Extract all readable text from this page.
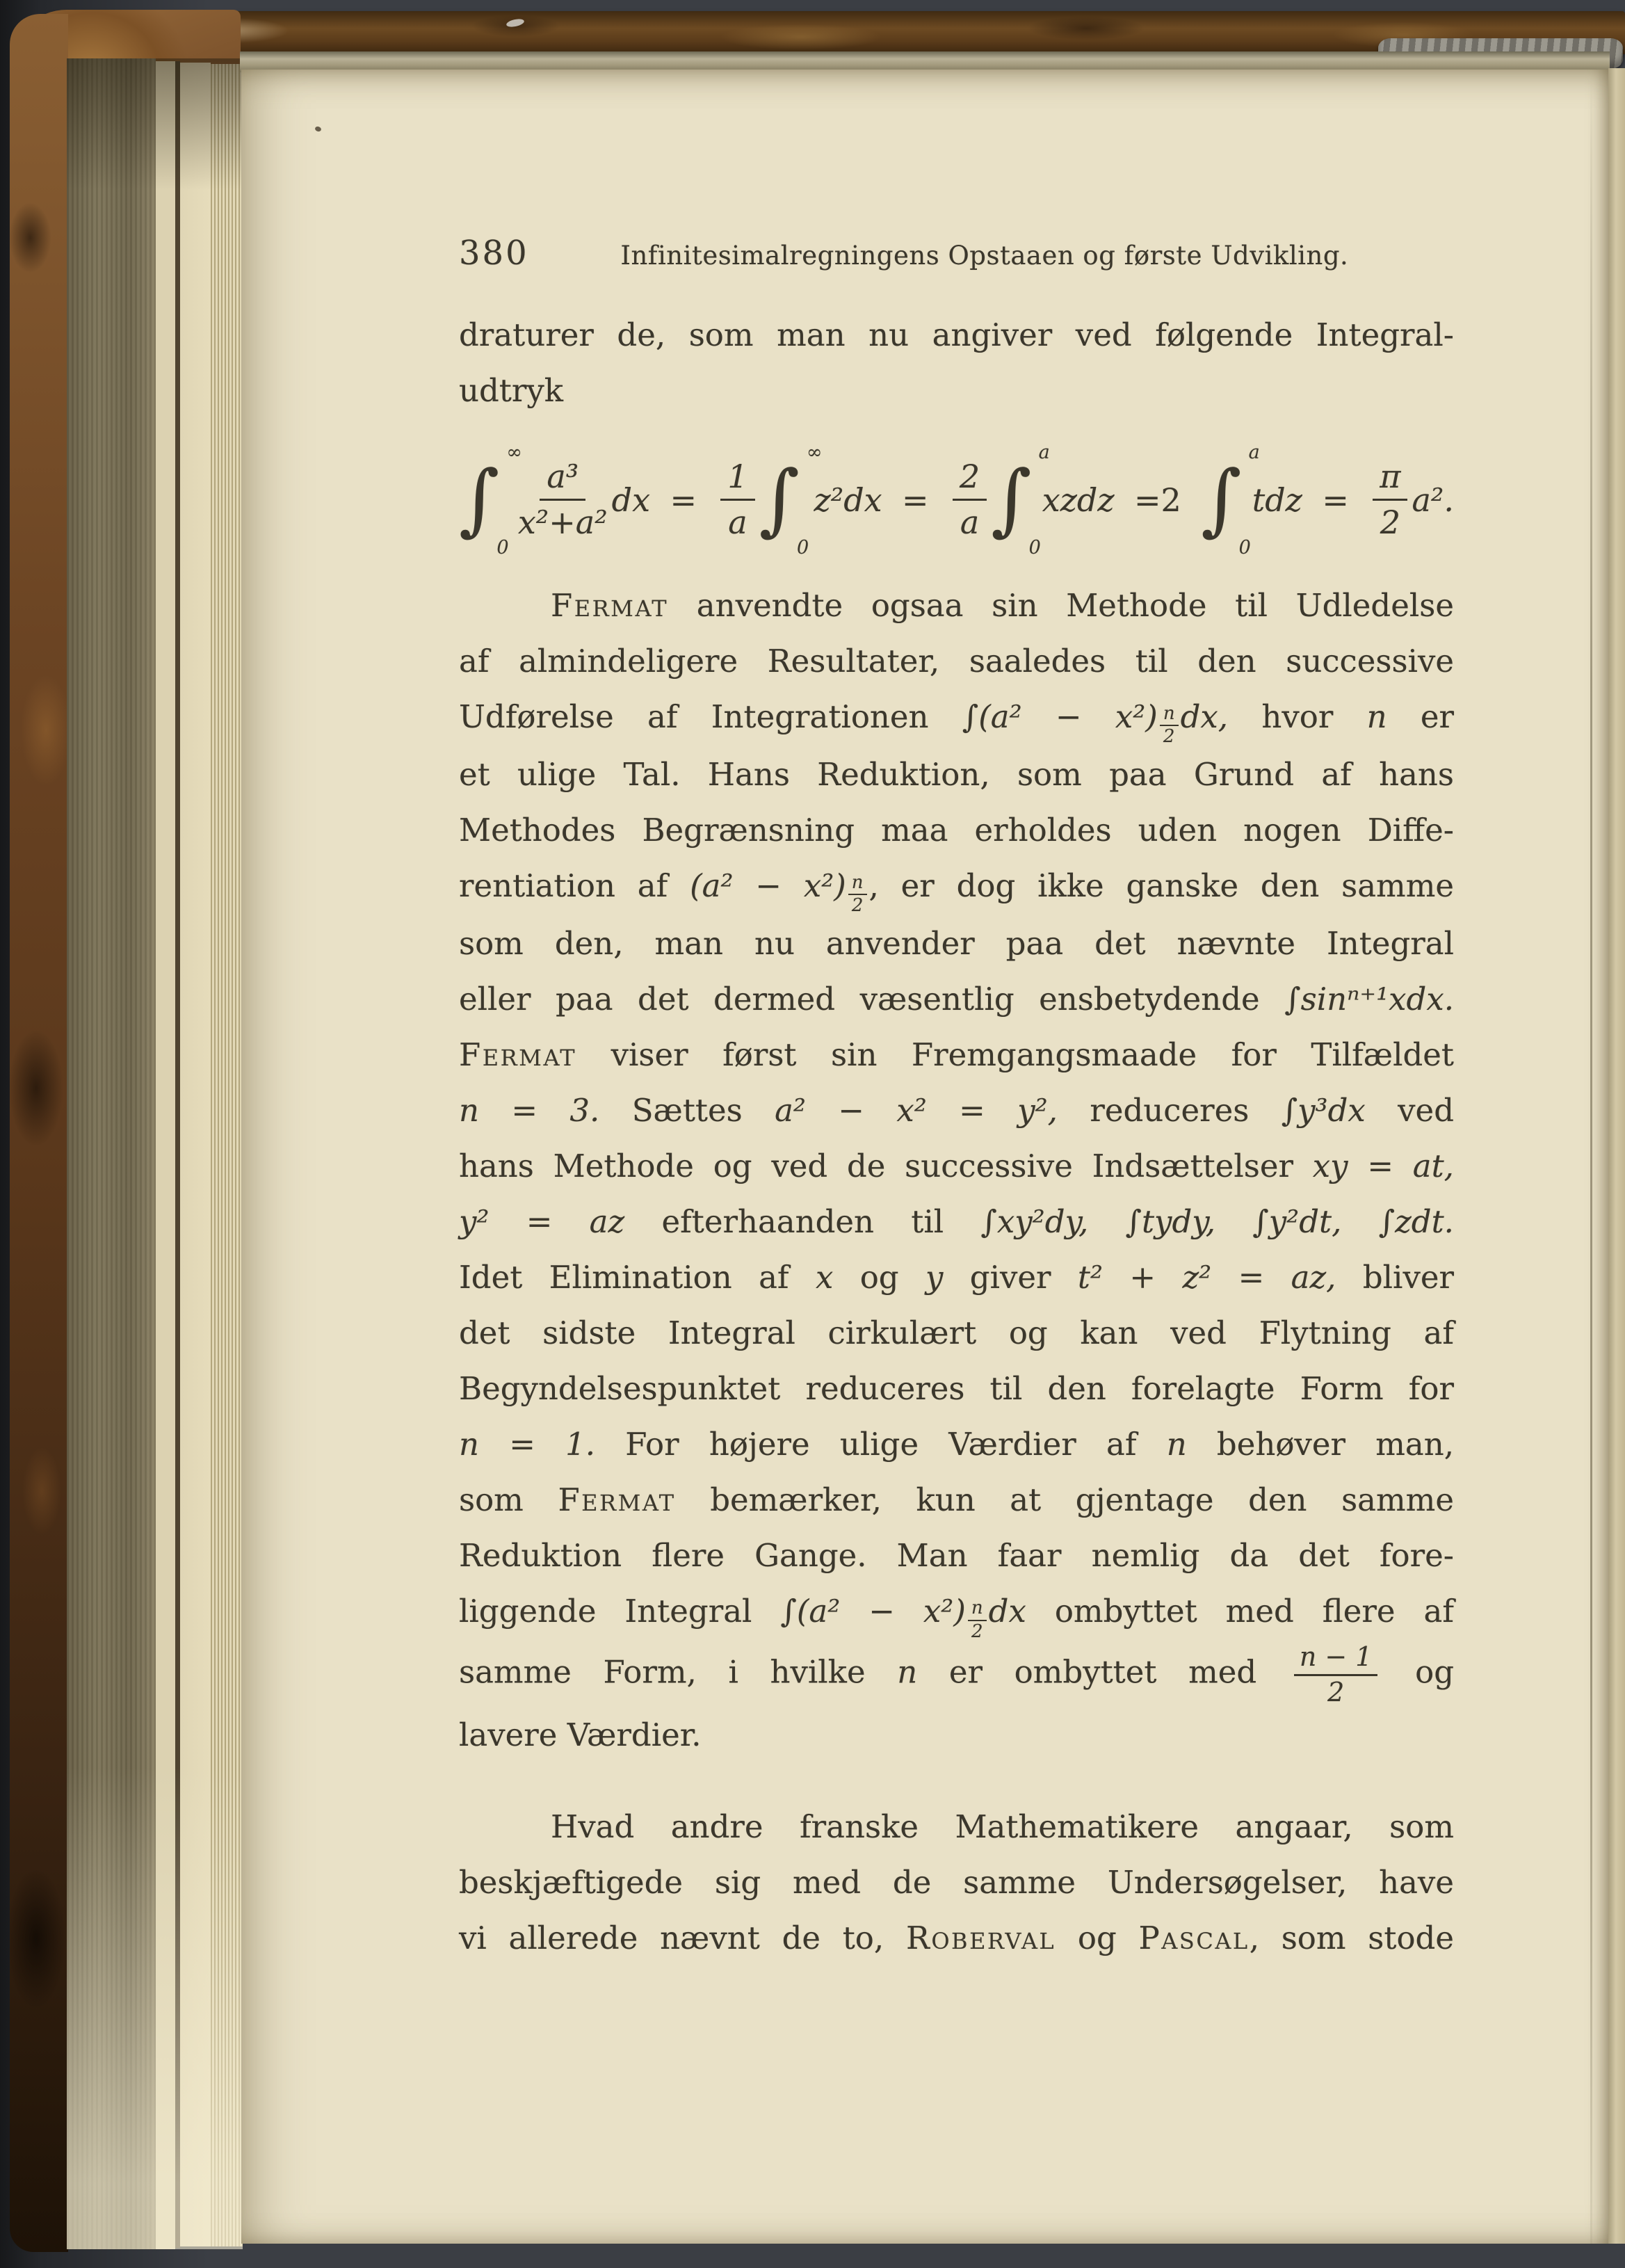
380	Infinitesimalregningens Opstaaen og første Udvikling.
draturer de, som man nu angiver ved følgende Integral-
udtryk
∫
∞
0
$\frac{\text{a³}}{\text{x²+a²}}$ dx = $\frac{1}{a}$ ∫
∞
0
$z^2dx = \frac{2}{a}$ ∫
a
0
xzdz =2 ∫
a
0
tdz = $\frac{\pi}{2} a^2$.
Fermat anvendte ogsaa sin Methode til Udledelse
af almindeligere Resultater, saaledes til den successive
Udførelse af Integrationen $\int(a^2 - x^2) \frac{n}{2}$ dx, hvor n er
et ulige Tal. Hans Reduktion, som paa Grund af hans
Methodes Begrænsning maa erholdes uden nogen Diffe-
rentiation af $(a^2 - x^2) \frac{n}{2}$ , er dog ikke ganske den samme
som den, man nu anvender paa det nævnte Integral
eller paa det dermed væsentlig ensbetydende ∫sinⁿ⁺¹xdx.
Fermat viser først sin Fremgangsmaade for Tilfældet
n = 3. Sættes a² − x² = y², reduceres ∫y³dx ved
hans Methode og ved de successive Indsættelser xy = at,
y² = az efterhaanden til ∫xy²dy, ∫tydy, ∫y²dt, ∫zdt.
Idet Elimination af x og y giver t² + z² = az, bliver
det sidste Integral cirkulært og kan ved Flytning af
Begyndelsespunktet reduceres til den forelagte Form for
n = 1. For højere ulige Værdier af n behøver man,
som Fermat bemærker, kun at gjentage den samme
Reduktion flere Gange. Man faar nemlig da det fore-
liggende Integral $\int(a^2 - x^2) \frac{n}{2}$ dx ombyttet med flere af
samme Form, i hvilke n er ombyttet med $\frac{n - 1}{2}$ og
lavere Værdier.
Hvad andre franske Mathematikere angaar, som
beskjæftigede sig med de samme Undersøgelser, have
vi allerede nævnt de to, Roberval og Pascal, som stode
